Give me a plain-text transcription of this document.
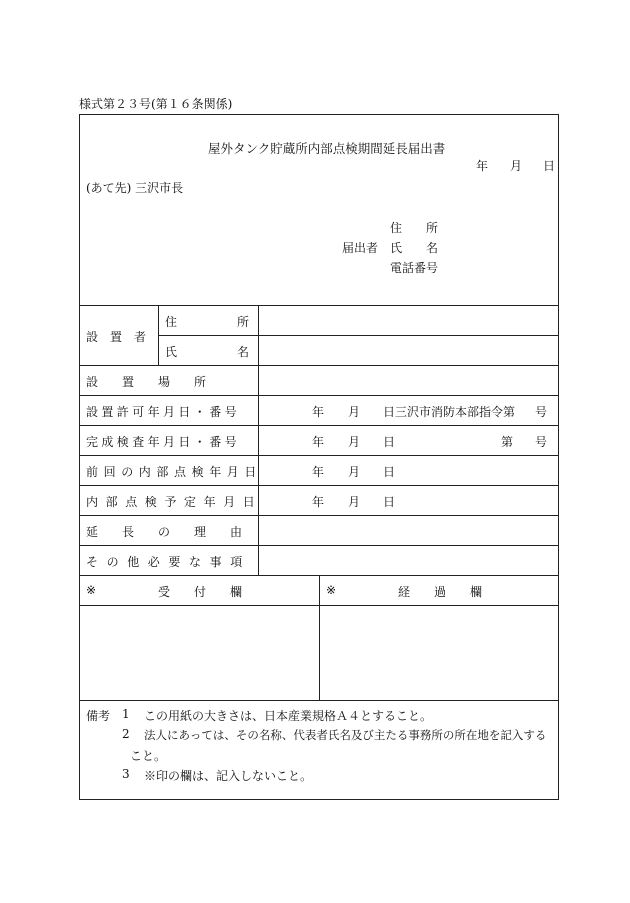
様式第２３号(第１６条関係)
屋外タンク貯蔵所内部点検期間延長届出書
年 月 日
(あて先) 三沢市長
住　　所
届出者 氏　　名
電話番号
設　置　者
住　　　　　所
氏　　　　　名
設　　置　　場　　所
設置許可年月日・番号	年 月 日 三沢市消防本部指令第 号
完成検査年月日・番号	年 月 日	第 号
前回の内部点検年月日	年 月 日
内部点検予定年月日	年 月 日
延　　長　　の　　理　　由
その他必要な事項
※	受　　付　　欄	※	経　　過　　欄
備考 1 この用紙の大きさは、日本産業規格Ａ４とすること。
2 法人にあっては、その名称、代表者氏名及び主たる事務所の所在地を記入する
こと。
3 ※印の欄は、記入しないこと。
